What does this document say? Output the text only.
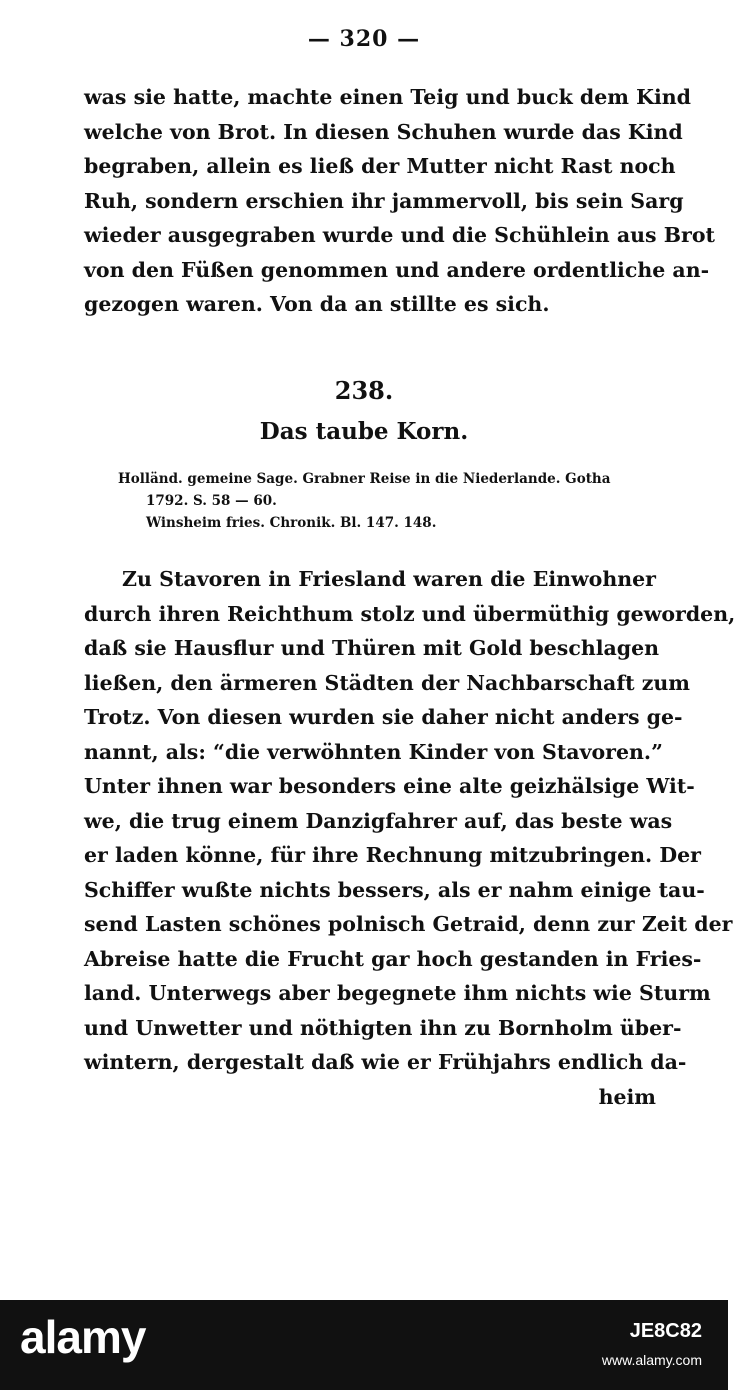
— 320 —
was sie hatte, machte einen Teig und buck dem Kind
welche von Brot. In diesen Schuhen wurde das Kind
begraben, allein es ließ der Mutter nicht Rast noch
Ruh, sondern erschien ihr jammervoll, bis sein Sarg
wieder ausgegraben wurde und die Schühlein aus Brot
von den Füßen genommen und andere ordentliche an-
gezogen waren. Von da an stillte es sich.
238.
Das taube Korn.
Holländ. gemeine Sage. Grabner Reise in die Niederlande. Gotha
1792. S. 58 — 60.
Winsheim fries. Chronik. Bl. 147. 148.
Zu Stavoren in Friesland waren die Einwohner
durch ihren Reichthum stolz und übermüthig geworden,
daß sie Hausflur und Thüren mit Gold beschlagen
ließen, den ärmeren Städten der Nachbarschaft zum
Trotz. Von diesen wurden sie daher nicht anders ge-
nannt, als: “die verwöhnten Kinder von Stavoren.”
Unter ihnen war besonders eine alte geizhälsige Wit-
we, die trug einem Danzigfahrer auf, das beste was
er laden könne, für ihre Rechnung mitzubringen. Der
Schiffer wußte nichts bessers, als er nahm einige tau-
send Lasten schönes polnisch Getraid, denn zur Zeit der
Abreise hatte die Frucht gar hoch gestanden in Fries-
land. Unterwegs aber begegnete ihm nichts wie Sturm
und Unwetter und nöthigten ihn zu Bornholm über-
wintern, dergestalt daß wie er Frühjahrs endlich da-
heim
alamy	JE8C82
www.alamy.com
